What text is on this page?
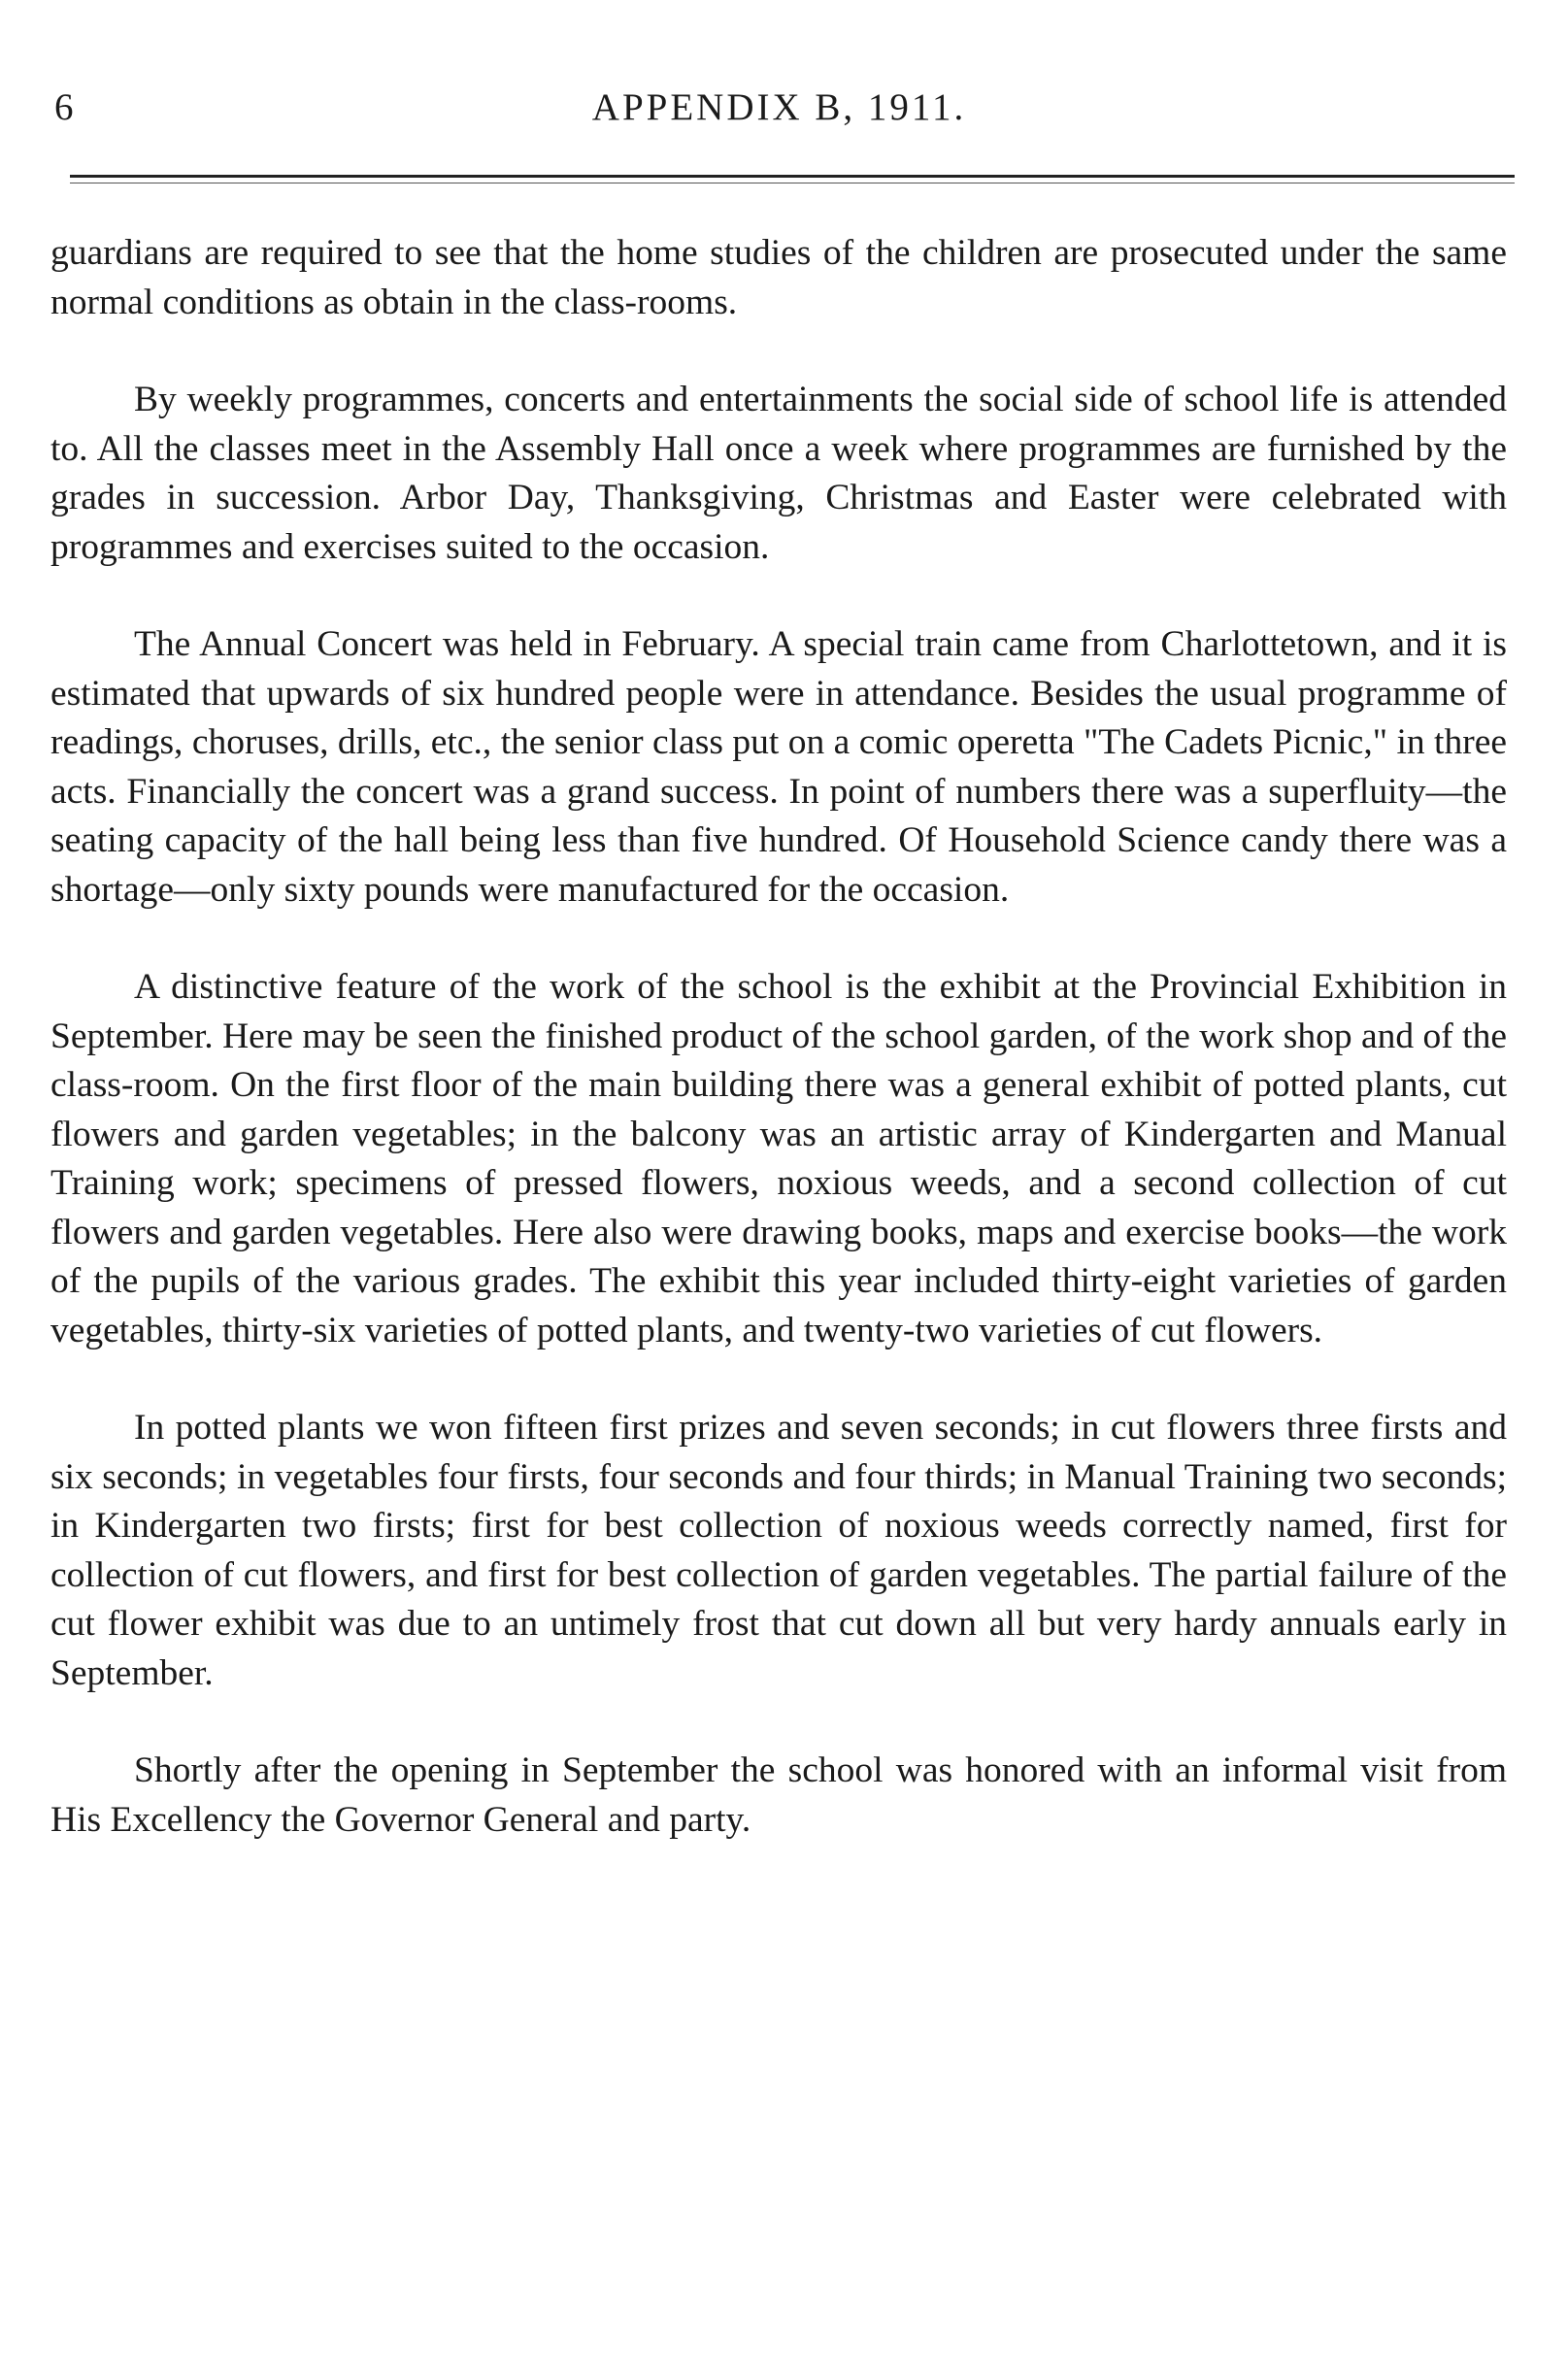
6	APPENDIX B, 1911.

guardians are required to see that the home studies of the children are prosecuted under the same normal conditions as obtain in the class-rooms.

By weekly programmes, concerts and entertainments the social side of school life is attended to. All the classes meet in the Assembly Hall once a week where programmes are furnished by the grades in succession. Arbor Day, Thanksgiving, Christmas and Easter were celebrated with programmes and exercises suited to the occasion.

The Annual Concert was held in February. A special train came from Charlottetown, and it is estimated that upwards of six hundred people were in attendance. Besides the usual programme of readings, choruses, drills, etc., the senior class put on a comic operetta "The Cadets Picnic," in three acts. Financially the concert was a grand success. In point of numbers there was a superfluity—the seating capacity of the hall being less than five hundred. Of Household Science candy there was a shortage—only sixty pounds were manufactured for the occasion.

A distinctive feature of the work of the school is the exhibit at the Provincial Exhibition in September. Here may be seen the finished product of the school garden, of the work shop and of the class-room. On the first floor of the main building there was a general exhibit of potted plants, cut flowers and garden vegetables; in the balcony was an artistic array of Kindergarten and Manual Training work; specimens of pressed flowers, noxious weeds, and a second collection of cut flowers and garden vegetables. Here also were drawing books, maps and exercise books—the work of the pupils of the various grades. The exhibit this year included thirty-eight varieties of garden vegetables, thirty-six varieties of potted plants, and twenty-two varieties of cut flowers.

In potted plants we won fifteen first prizes and seven seconds; in cut flowers three firsts and six seconds; in vegetables four firsts, four seconds and four thirds; in Manual Training two seconds; in Kindergarten two firsts; first for best collection of noxious weeds correctly named, first for collection of cut flowers, and first for best collection of garden vegetables. The partial failure of the cut flower exhibit was due to an untimely frost that cut down all but very hardy annuals early in September.

Shortly after the opening in September the school was honored with an informal visit from His Excellency the Governor General and party.
